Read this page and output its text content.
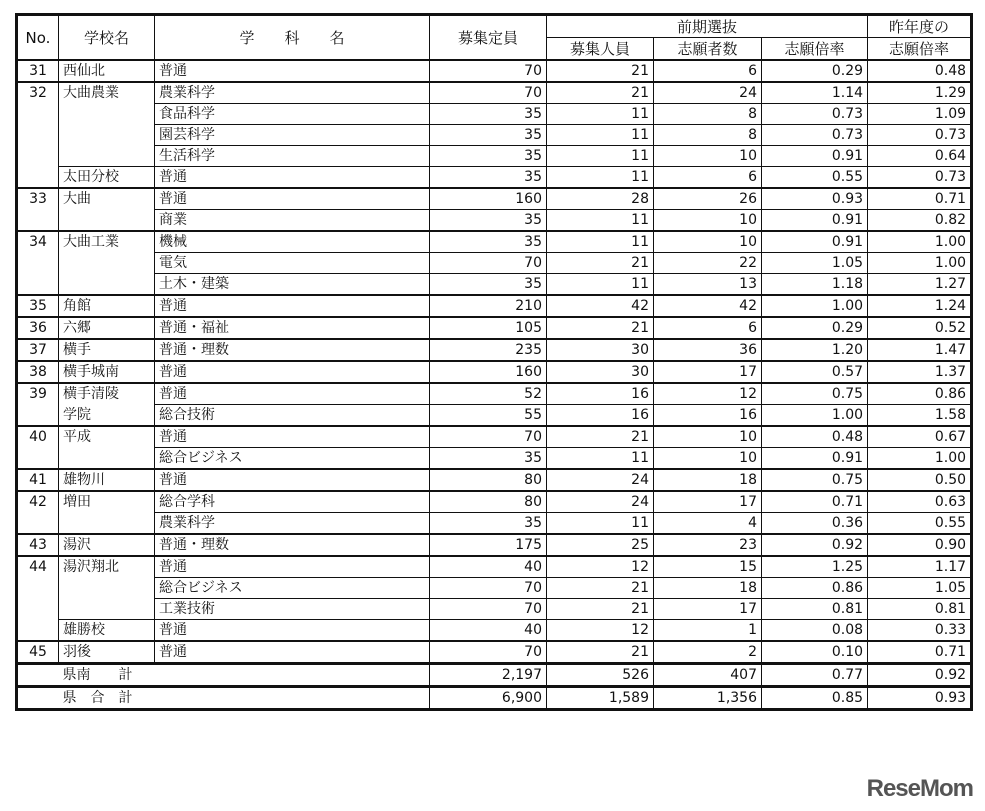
No.	学校名	学　　科　　名	募集定員	前期選抜			昨年度の
				募集人員	志願者数	志願倍率	志願倍率
31	西仙北	普通	70	21	6	0.29	0.48
32	大曲農業	農業科学	70	21	24	1.14	1.29
		食品科学	35	11	8	0.73	1.09
		園芸科学	35	11	8	0.73	0.73
		生活科学	35	11	10	0.91	0.64
	太田分校	普通	35	11	6	0.55	0.73
33	大曲	普通	160	28	26	0.93	0.71
		商業	35	11	10	0.91	0.82
34	大曲工業	機械	35	11	10	0.91	1.00
		電気	70	21	22	1.05	1.00
		土木・建築	35	11	13	1.18	1.27
35	角館	普通	210	42	42	1.00	1.24
36	六郷	普通・福祉	105	21	6	0.29	0.52
37	横手	普通・理数	235	30	36	1.20	1.47
38	横手城南	普通	160	30	17	0.57	1.37
39	横手清陵	普通	52	16	12	0.75	0.86
	学院	総合技術	55	16	16	1.00	1.58
40	平成	普通	70	21	10	0.48	0.67
		総合ビジネス	35	11	10	0.91	1.00
41	雄物川	普通	80	24	18	0.75	0.50
42	増田	総合学科	80	24	17	0.71	0.63
		農業科学	35	11	4	0.36	0.55
43	湯沢	普通・理数	175	25	23	0.92	0.90
44	湯沢翔北	普通	40	12	15	1.25	1.17
		総合ビジネス	70	21	18	0.86	1.05
		工業技術	70	21	17	0.81	0.81
	雄勝校	普通	40	12	1	0.08	0.33
45	羽後	普通	70	21	2	0.10	0.71
	県南　　計		2,197	526	407	0.77	0.92
	県　合　計		6,900	1,589	1,356	0.85	0.93
ReseMom
